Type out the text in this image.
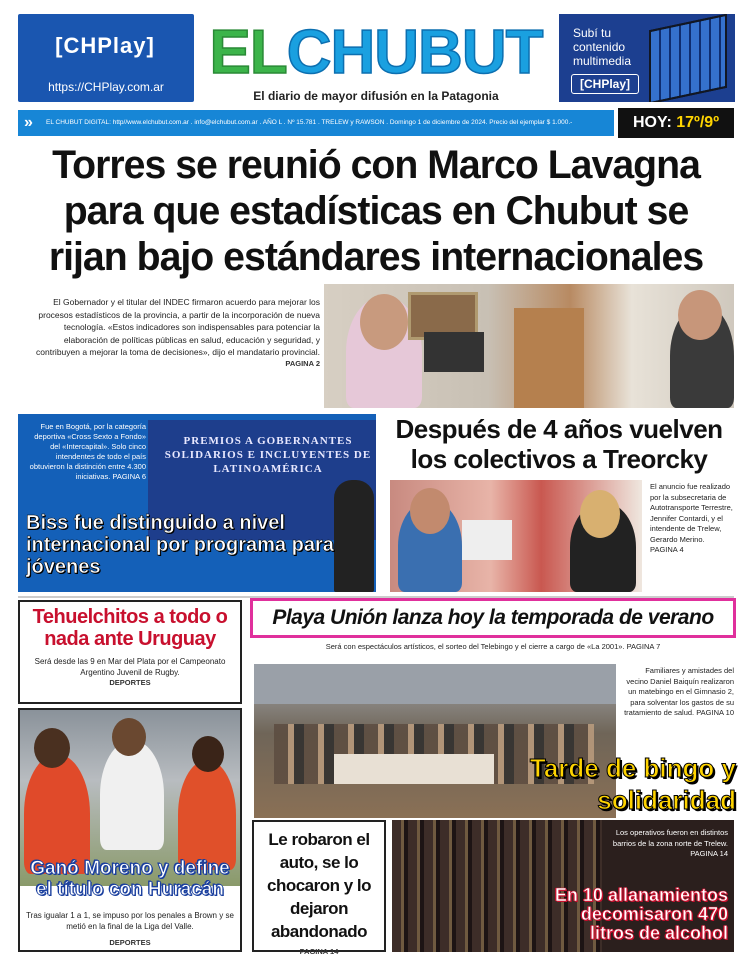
[CHPlay]
https://CHPlay.com.ar ELCHUBUT
El diario de mayor difusión en la Patagonia
Subí tu contenido multimedia
[CHPlay]
» EL CHUBUT DIGITAL: http//www.elchubut.com.ar . info@elchubut.com.ar . AÑO L . Nº 15.781 . TRELEW y RAWSON . Domingo 1 de diciembre de 2024. Precio del ejemplar $ 1.000.-	HOY: 17º/9º
Torres se reunió con Marco Lavagna para que estadísticas en Chubut se rijan bajo estándares internacionales
El Gobernador y el titular del INDEC firmaron acuerdo para mejorar los procesos estadísticos de la provincia, a partir de la incorporación de nueva tecnología. «Estos indicadores son indispensables para potenciar la elaboración de políticas públicas en salud, educación y seguridad, y contribuyen a mejorar la toma de decisiones», dijo el mandatario provincial.
PAGINA 2
Fue en Bogotá, por la categoría deportiva «Cross Sexto a Fondo» del «Intercapital». Solo cinco intendentes de todo el país obtuvieron la distinción entre 4.300 iniciativas. PAGINA 6
PREMIOS A GOBERNANTES SOLIDARIOS E INCLUYENTES DE LATINOAMÉRICA
Biss fue distinguido a nivel internacional por programa para jóvenes
Después de 4 años vuelven los colectivos a Treorcky
El anuncio fue realizado por la subsecretaria de Autotransporte Terrestre, Jennifer Contardi, y el intendente de Trelew, Gerardo Merino. PAGINA 4
Tehuelchitos a todo o nada ante Uruguay
Será desde las 9 en Mar del Plata por el Campeonato Argentino Juvenil de Rugby.
DEPORTES
Playa Unión lanza hoy la temporada de verano
Será con espectáculos artísticos, el sorteo del Telebingo y el cierre a cargo de «La 2001». PAGINA 7
Familiares y amistades del vecino Daniel Baiquín realizaron un matebingo en el Gimnasio 2, para solventar los gastos de su tratamiento de salud. PAGINA 10
Tarde de bingo y solidaridad
Ganó Moreno y define el título con Huracán
Tras igualar 1 a 1, se impuso por los penales a Brown y se metió en la final de la Liga del Valle.
DEPORTES
Le robaron el auto, se lo chocaron y lo dejaron abandonado
PAGINA 14
Los operativos fueron en distintos barrios de la zona norte de Trelew. PAGINA 14
En 10 allanamientos decomisaron 470 litros de alcohol
